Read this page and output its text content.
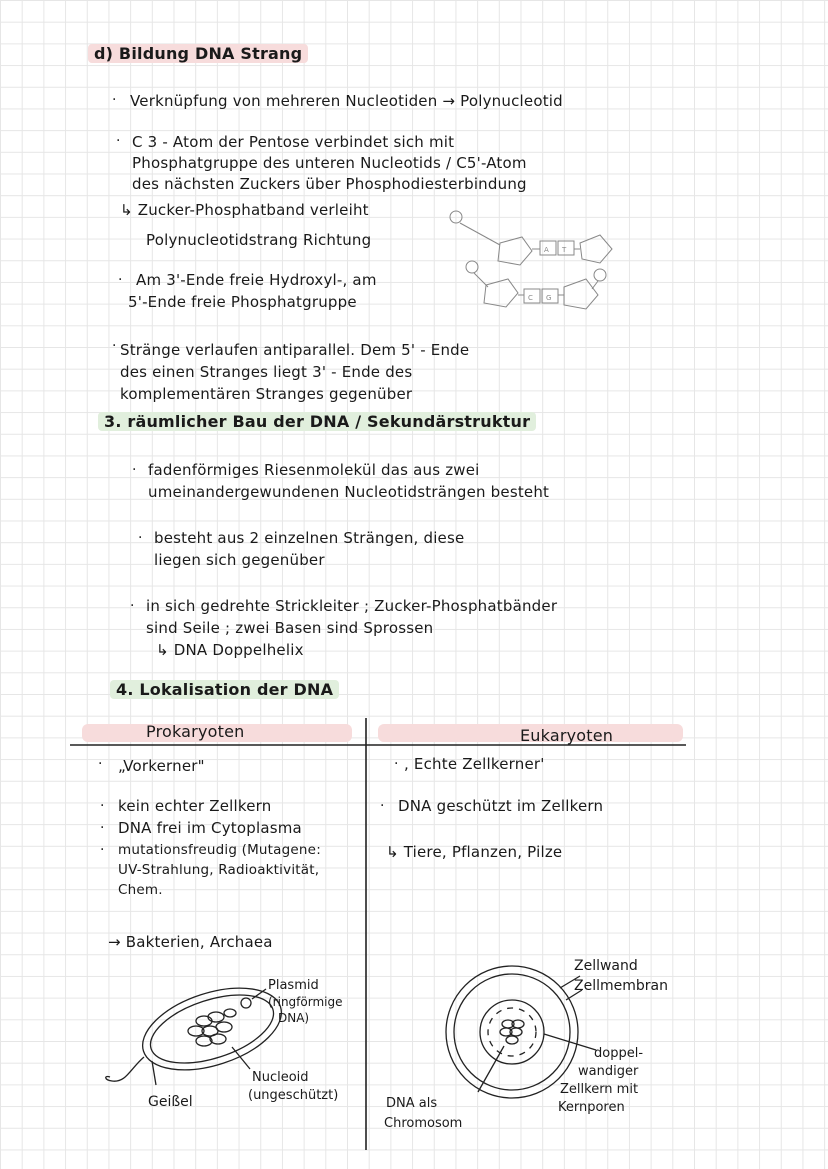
d) Bildung DNA Strang
· Verknüpfung von mehreren Nucleotiden → Polynucleotid
· C 3 - Atom der Pentose verbindet sich mit
Phosphatgruppe des unteren Nucleotids / C5'-Atom
des nächsten Zuckers über Phosphodiesterbindung
↳ Zucker-Phosphatband verleiht
Polynucleotidstrang Richtung
A T
C G
· Am 3'-Ende freie Hydroxyl-, am
5'-Ende freie Phosphatgruppe
· Stränge verlaufen antiparallel. Dem 5' - Ende
des einen Stranges liegt 3' - Ende des
komplementären Stranges gegenüber
3. räumlicher Bau der DNA / Sekundärstruktur
· fadenförmiges Riesenmolekül das aus zwei
umeinandergewundenen Nucleotidsträngen besteht
· besteht aus 2 einzelnen Strängen, diese
liegen sich gegenüber
· in sich gedrehte Strickleiter ; Zucker-Phosphatbänder
sind Seile ; zwei Basen sind Sprossen
↳ DNA Doppelhelix
4. Lokalisation der DNA
Prokaryoten	Eukaryoten
· „Vorkerner"
· kein echter Zellkern
· DNA frei im Cytoplasma
· mutationsfreudig (Mutagene:
UV-Strahlung, Radioaktivität,
Chem.
→ Bakterien, Archaea
Plasmid
(ringförmige
DNA)
Nucleoid
(ungeschützt)
Geißel
· , Echte Zellkerner'
· DNA geschützt im Zellkern
↳ Tiere, Pflanzen, Pilze
Zellwand
Zellmembran
doppel-
wandiger
Zellkern mit
Kernporen
DNA als
Chromosom
